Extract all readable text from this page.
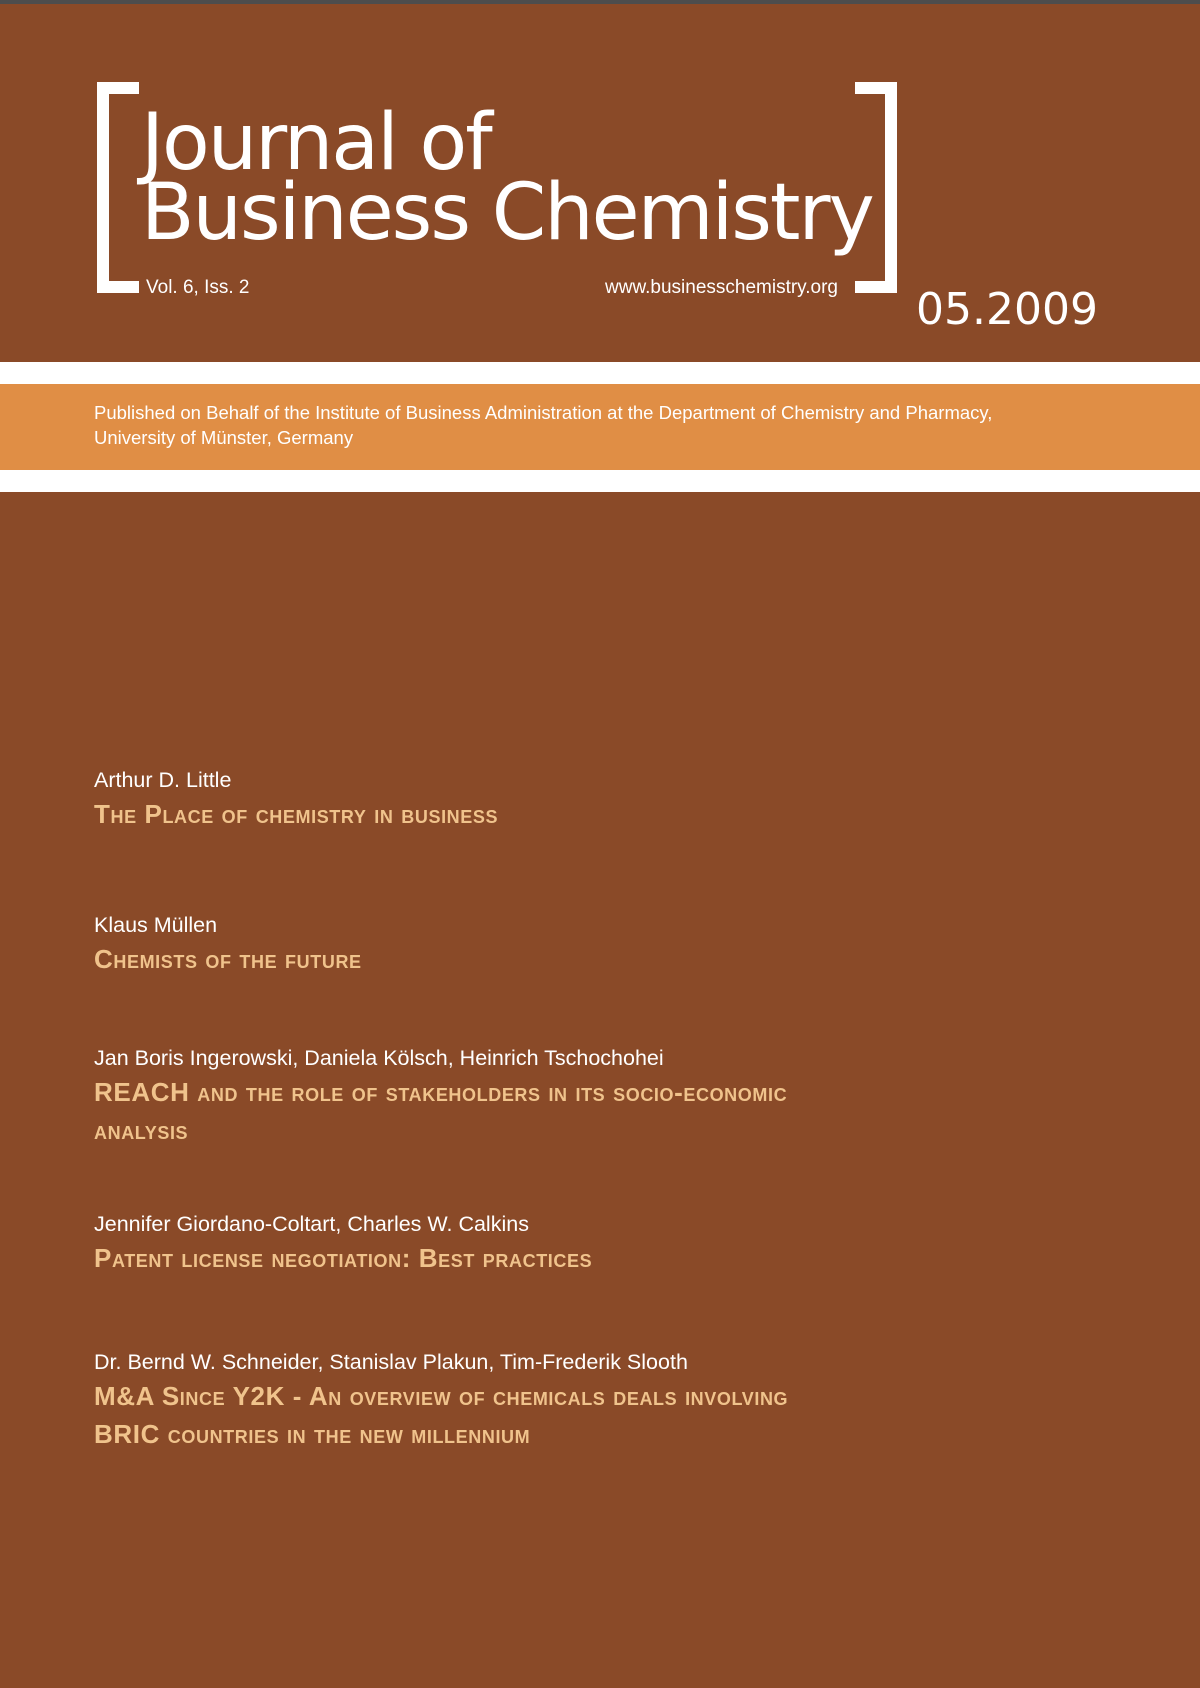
Journal of
Business Chemistry
Vol. 6, Iss. 2	www.businesschemistry.org 05.2009

Published on Behalf of the Institute of Business Administration at the Department of Chemistry and Pharmacy,
University of Münster, Germany

Arthur D. Little
The Place of chemistry in business
Klaus Müllen
Chemists of the future
Jan Boris Ingerowski, Daniela Kölsch, Heinrich Tschochohei
REACH and the role of stakeholders in its socio-economic
analysis
Jennifer Giordano-Coltart, Charles W. Calkins
Patent license negotiation: Best practices
Dr. Bernd W. Schneider, Stanislav Plakun, Tim-Frederik Slooth
M&A Since Y2K - An overview of chemicals deals involving
BRIC countries in the new millennium
